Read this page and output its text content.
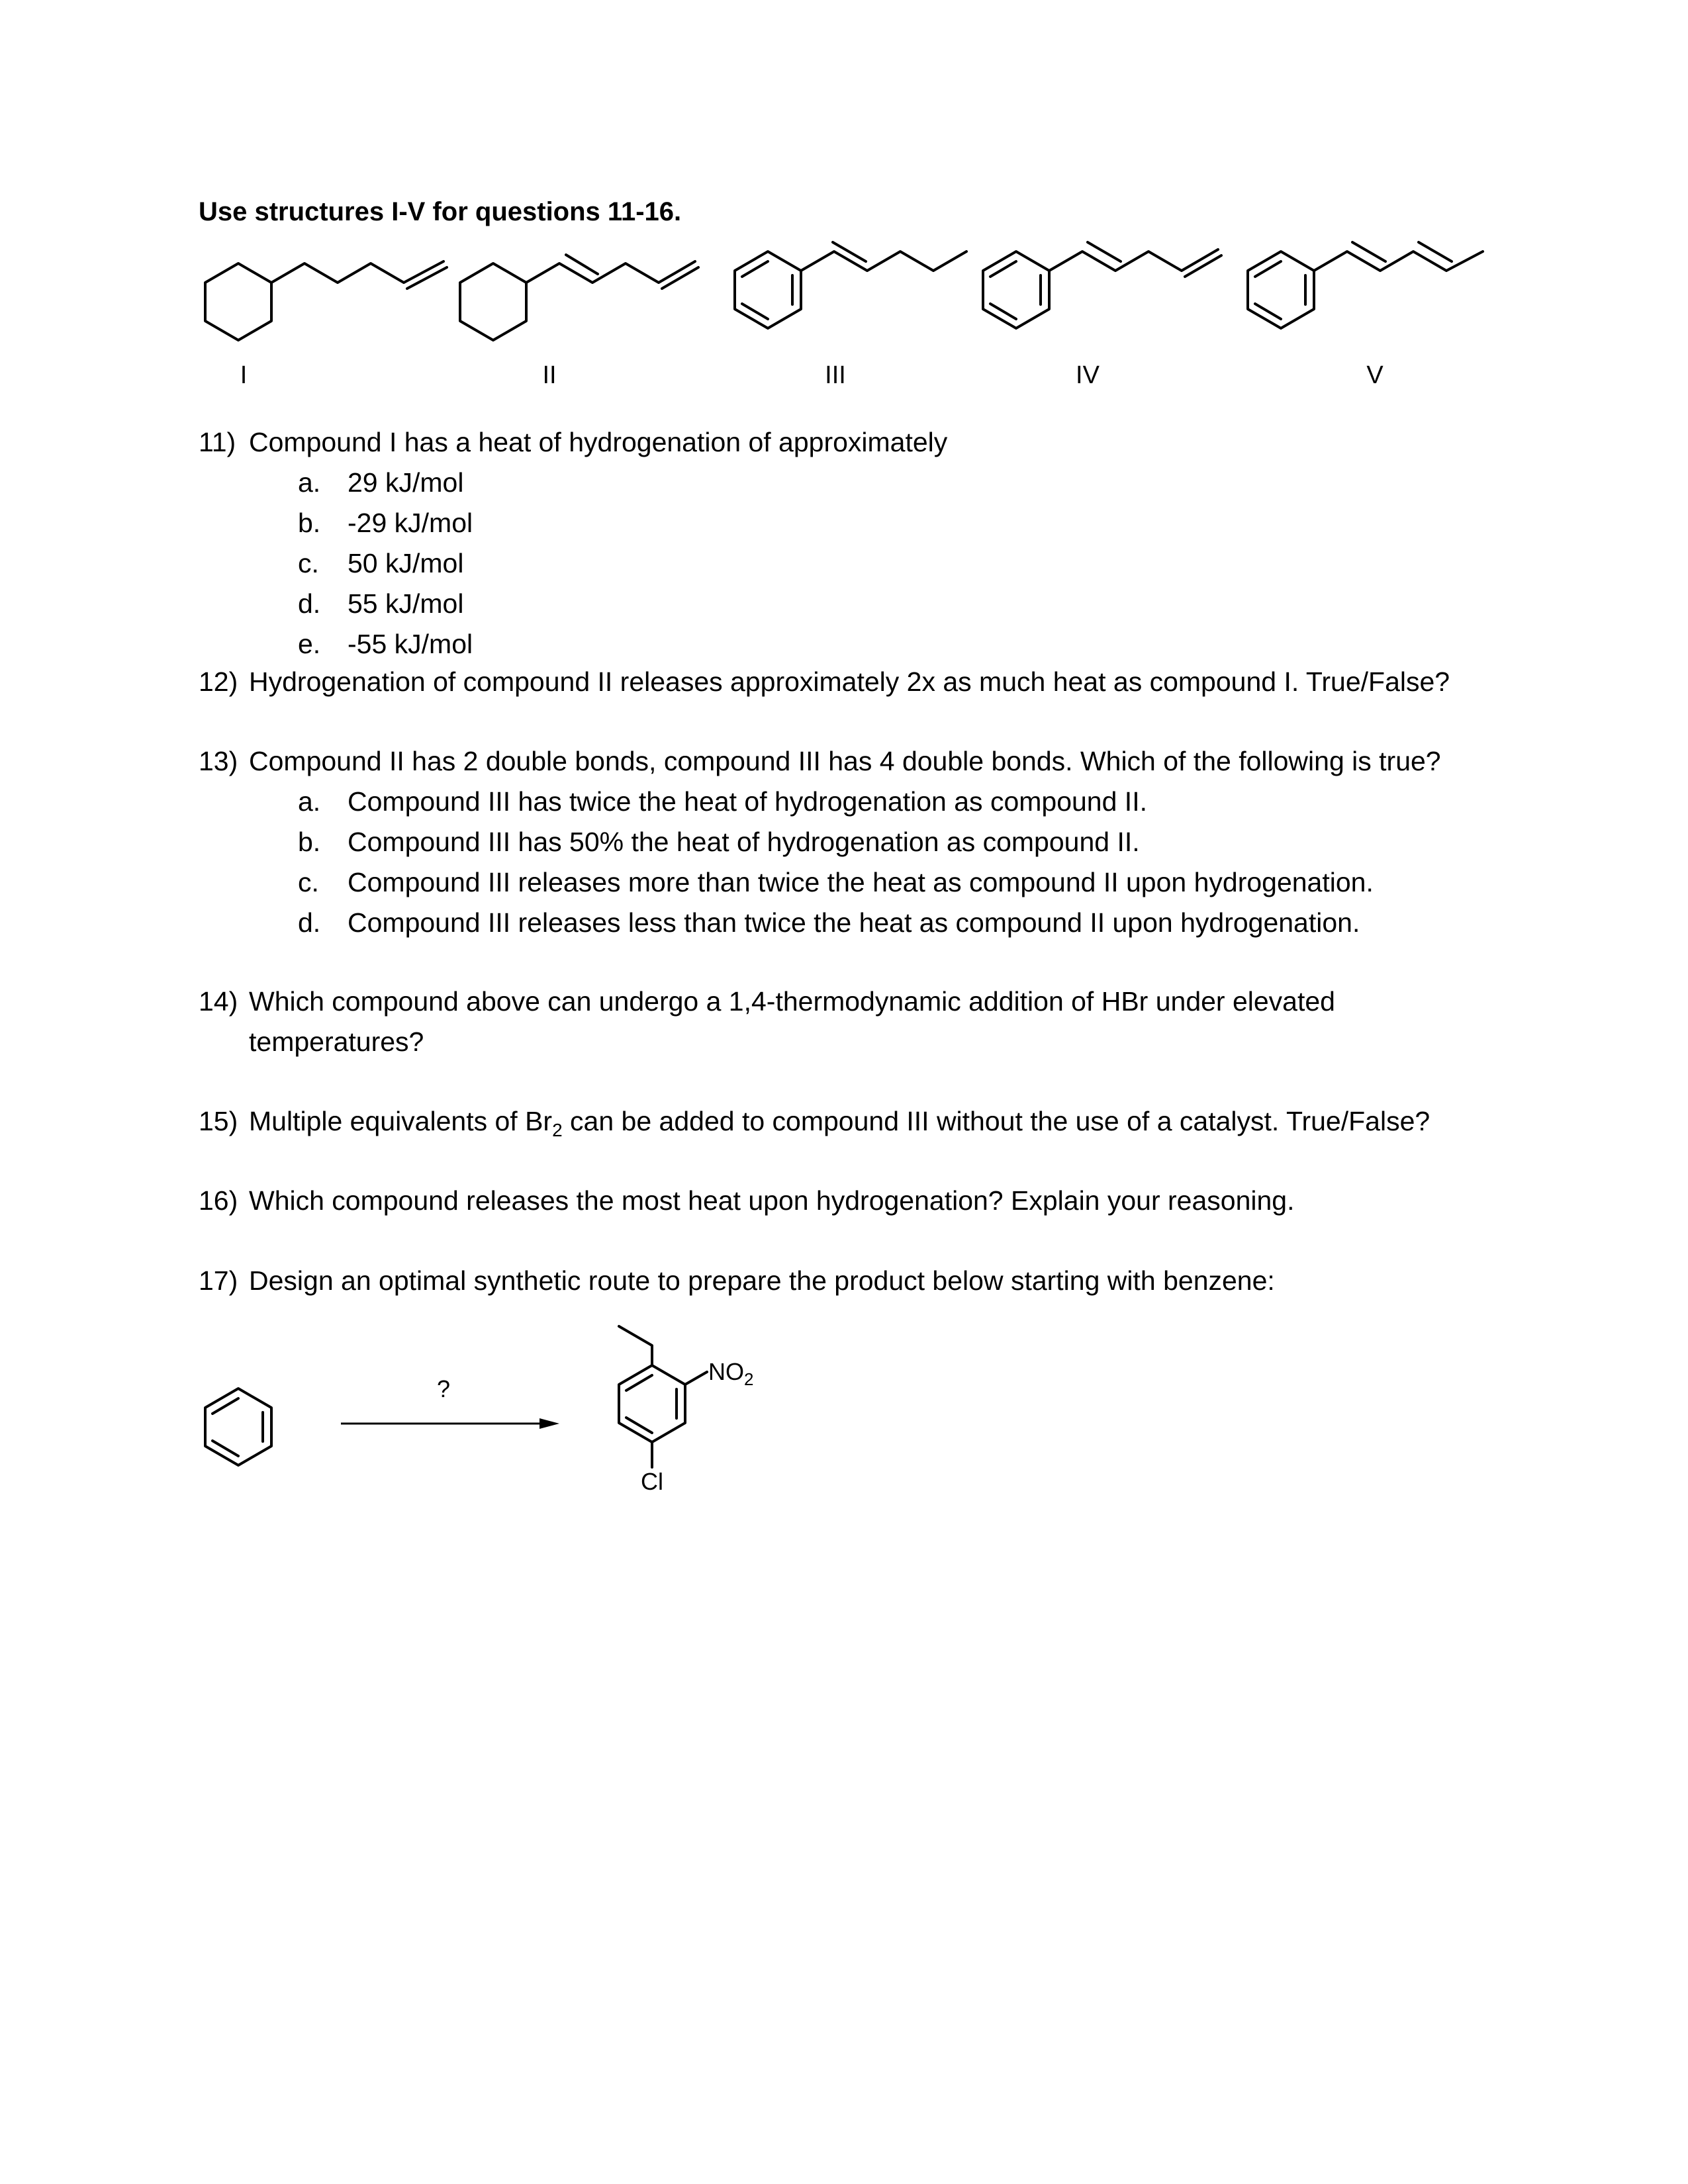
Use structures I-V for questions 11-16.
I	II	III	IV	V
11) Compound I has a heat of hydrogenation of approximately
a. 29 kJ/mol
b. -29 kJ/mol
c. 50 kJ/mol
d. 55 kJ/mol
e. -55 kJ/mol
12) Hydrogenation of compound II releases approximately 2x as much heat as compound I. True/False?
13) Compound II has 2 double bonds, compound III has 4 double bonds. Which of the following is true?
a. Compound III has twice the heat of hydrogenation as compound II.
b. Compound III has 50% the heat of hydrogenation as compound II.
c. Compound III releases more than twice the heat as compound II upon hydrogenation.
d. Compound III releases less than twice the heat as compound II upon hydrogenation.
14) Which compound above can undergo a 1,4-thermodynamic addition of HBr under elevated
temperatures?
15) Multiple equivalents of $Br_2$ can be added to compound III without the use of a catalyst. True/False?
16) Which compound releases the most heat upon hydrogenation? Explain your reasoning.
17) Design an optimal synthetic route to prepare the product below starting with benzene:
?
$NO_2$
Cl
